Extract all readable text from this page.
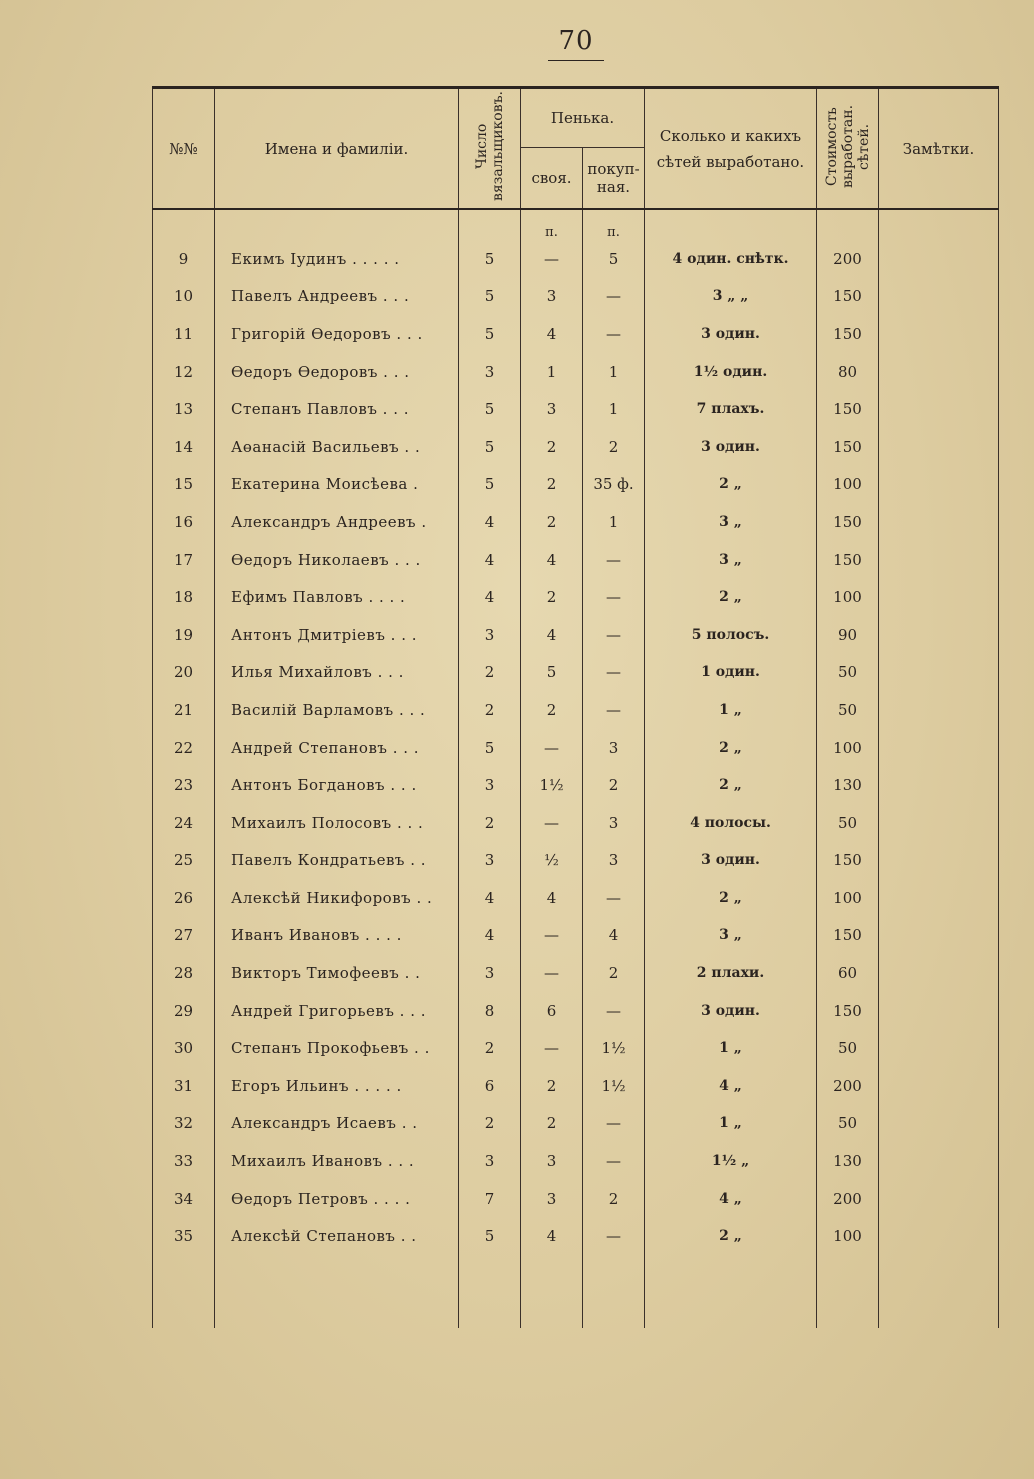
70
№№	Имена и фамиліи.	Число вязальщиковъ.	Пенька.		Сколько и какихъ сѣтей выработано.	Стоимость выработан. сѣтей.	Замѣтки.
			своя.	покуп-ная.			
			п.	п.			
9	Екимъ Іудинъ . . . . .	5	—	5	4 один. снѣтк.	200	
10	Павелъ Андреевъ . . .	5	3	—	3 „ „	150	
11	Григорій Өедоровъ . . .	5	4	—	3 один.	150	
12	Өедоръ Өедоровъ . . .	3	1	1	1½ один.	80	
13	Степанъ Павловъ . . .	5	3	1	7 плахъ.	150	
14	Аөанасій Васильевъ . .	5	2	2	3 один.	150	
15	Екатерина Моисѣева .	5	2	35 ф.	2 „	100	
16	Александръ Андреевъ .	4	2	1	3 „	150	
17	Өедоръ Николаевъ . . .	4	4	—	3 „	150	
18	Ефимъ Павловъ . . . .	4	2	—	2 „	100	
19	Антонъ Дмитріевъ . . .	3	4	—	5 полосъ.	90	
20	Илья Михайловъ . . .	2	5	—	1 один.	50	
21	Василій Варламовъ . . .	2	2	—	1 „	50	
22	Андрей Степановъ . . .	5	—	3	2 „	100	
23	Антонъ Богдановъ . . .	3	1½	2	2 „	130	
24	Михаилъ Полосовъ . . .	2	—	3	4 полосы.	50	
25	Павелъ Кондратьевъ . .	3	½	3	3 один.	150	
26	Алексѣй Никифоровъ . .	4	4	—	2 „	100	
27	Иванъ Ивановъ . . . .	4	—	4	3 „	150	
28	Викторъ Тимофеевъ . .	3	—	2	2 плахи.	60	
29	Андрей Григорьевъ . . .	8	6	—	3 один.	150	
30	Степанъ Прокофьевъ . .	2	—	1½	1 „	50	
31	Егоръ Ильинъ . . . . .	6	2	1½	4 „	200	
32	Александръ Исаевъ . .	2	2	—	1 „	50	
33	Михаилъ Ивановъ . . .	3	3	—	1½ „	130	
34	Өедоръ Петровъ . . . .	7	3	2	4 „	200	
35	Алексѣй Степановъ . .	5	4	—	2 „	100	
